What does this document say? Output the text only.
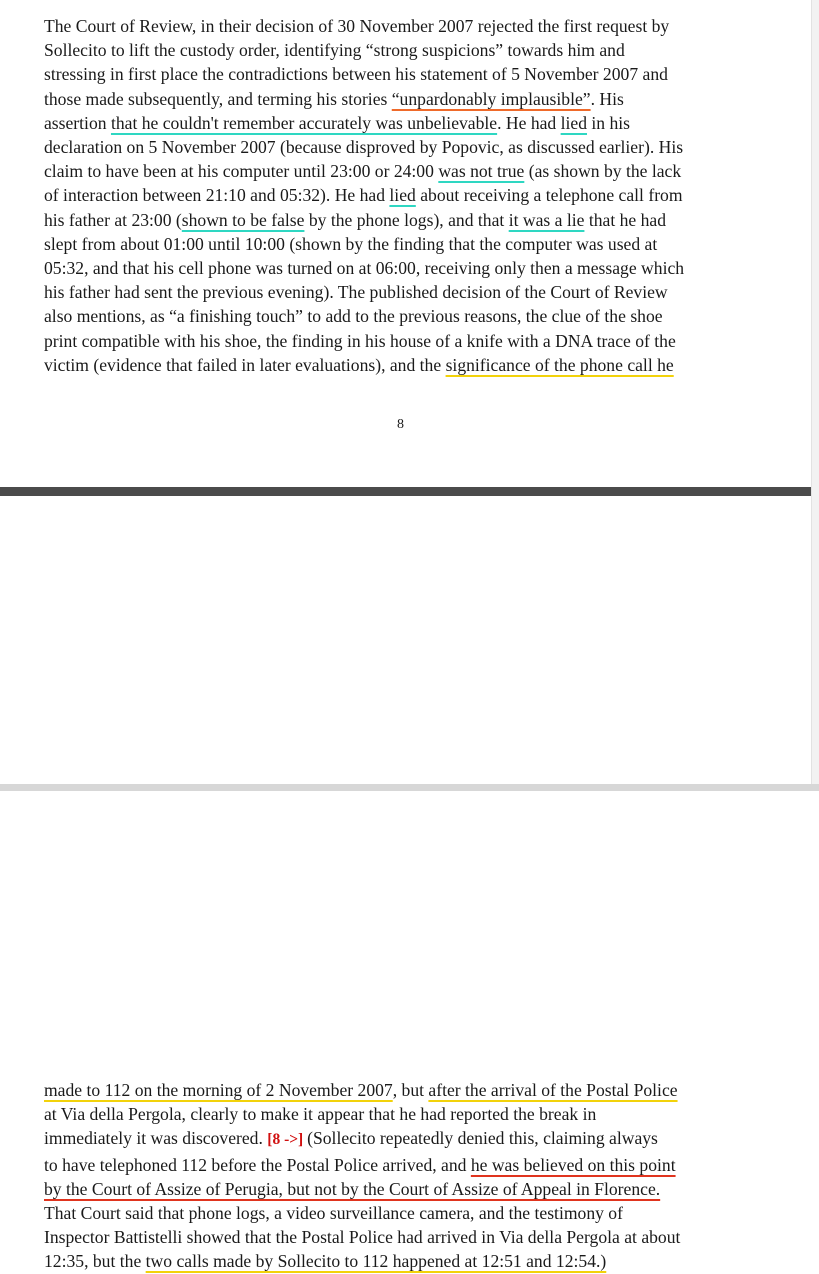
The Court of Review, in their decision of 30 November 2007 rejected the first request by
Sollecito to lift the custody order, identifying “strong suspicions” towards him and
stressing in first place the contradictions between his statement of 5 November 2007 and
those made subsequently, and terming his stories “unpardonably implausible”. His
assertion that he couldn't remember accurately was unbelievable. He had lied in his
declaration on 5 November 2007 (because disproved by Popovic, as discussed earlier). His
claim to have been at his computer until 23:00 or 24:00 was not true (as shown by the lack
of interaction between 21:10 and 05:32). He had lied about receiving a telephone call from
his father at 23:00 (shown to be false by the phone logs), and that it was a lie that he had
slept from about 01:00 until 10:00 (shown by the finding that the computer was used at
05:32, and that his cell phone was turned on at 06:00, receiving only then a message which
his father had sent the previous evening). The published decision of the Court of Review
also mentions, as “a finishing touch” to add to the previous reasons, the clue of the shoe
print compatible with his shoe, the finding in his house of a knife with a DNA trace of the
victim (evidence that failed in later evaluations), and the significance of the phone call he
8
made to 112 on the morning of 2 November 2007, but after the arrival of the Postal Police
at Via della Pergola, clearly to make it appear that he had reported the break in
immediately it was discovered. [8 ->] (Sollecito repeatedly denied this, claiming always
to have telephoned 112 before the Postal Police arrived, and he was believed on this point
by the Court of Assize of Perugia, but not by the Court of Assize of Appeal in Florence.
That Court said that phone logs, a video surveillance camera, and the testimony of
Inspector Battistelli showed that the Postal Police had arrived in Via della Pergola at about
12:35, but the two calls made by Sollecito to 112 happened at 12:51 and 12:54.)
